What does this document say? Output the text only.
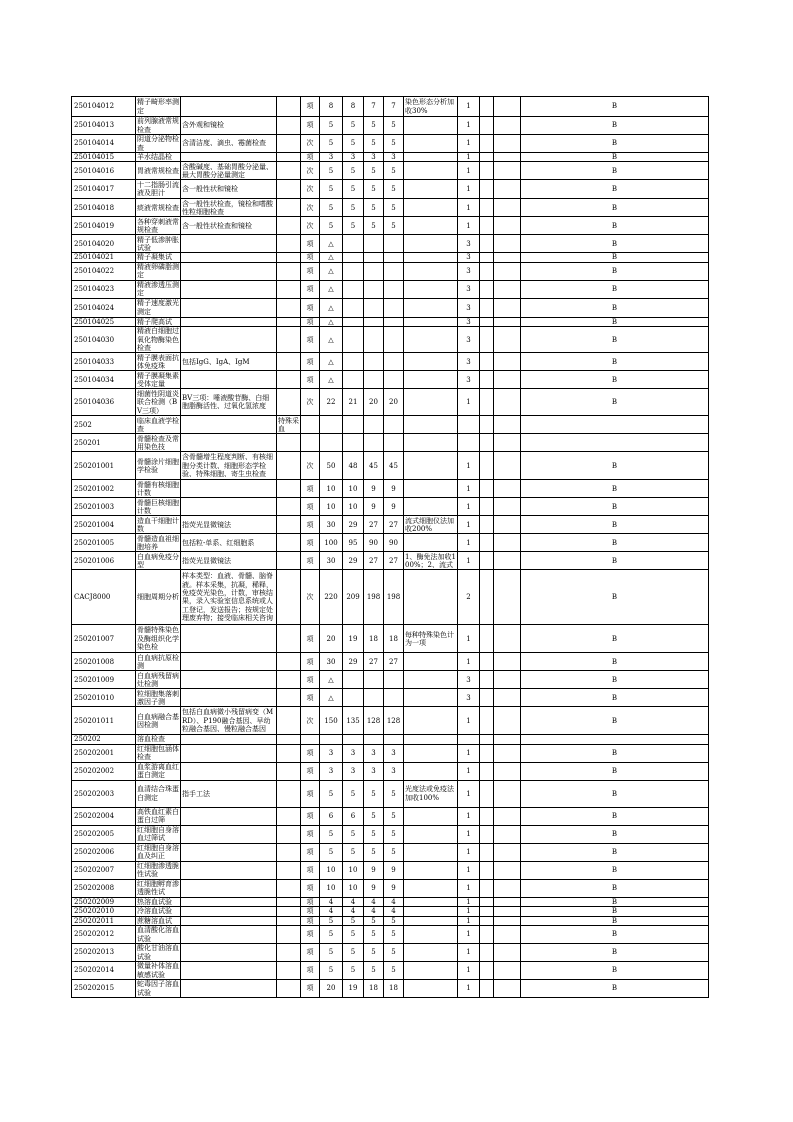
250104012	精子畸形率测定			项	8	8	7	7	染色形态分析加收30%	1			B
250104013	前列腺液常规检查	含外观和镜检		项	5	5	5	5		1			B
250104014	阴道分泌物检查	含清洁度、滴虫、霉菌检查		次	5	5	5	5		1			B
250104015	羊水结晶检			项	3	3	3	3		1			B
250104016	胃液常规检查	含酸碱度、基础胃酸分泌量、最大胃酸分泌量测定		次	5	5	5	5		1			B
250104017	十二指肠引流液及胆汁	含一般性状和镜检		次	5	5	5	5		1			B
250104018	痰液常规检查	含一般性状检查，镜检和嗜酸性粒细胞检查		次	5	5	5	5		1			B
250104019	各种穿刺液常规检查	含一般性状检查和镜检		次	5	5	5	5		1			B
250104020	精子低渗肿胀试验			项	△					3			B
250104021	精子凝集试			项	△					3			B
250104022	精液卵磷脂测定			项	△					3			B
250104023	精液渗透压测定			项	△					3			B
250104024	精子速度激光测定			项	△					3			B
250104025	精子爬高试			项	△					3			B
250104030	精液白细胞过氧化物酶染色检查			项	△					3			B
250104033	精子膜表面抗体免疫珠	包括IgG、IgA、IgM		项	△					3			B
250104034	精子膜凝集素受体定量			项	△					3			B
250104036	细菌性阴道炎联合检测（BV三项）	BV三项：唾液酸苷酶、白细胞脂酶活性、过氧化氢浓度		次	22	21	20	20		1			B
2502	临床血液学检查		特殊采血										
250201	骨髓检查及常用染色技												
250201001	骨髓涂片细胞学检验	含骨髓增生程度判断、有核细胞分类计数、细胞形态学检验、特殊细胞、寄生虫检查		次	50	48	45	45		1			B
250201002	骨髓有核细胞计数			项	10	10	9	9		1			B
250201003	骨髓巨核细胞计数			项	10	10	9	9		1			B
250201004	造血干细胞计数	指荧光显微镜法		项	30	29	27	27	流式细胞仪法加收200%	1			B
250201005	骨髓造血祖细胞培养	包括粒-单系、红细胞系		项	100	95	90	90		1			B
250201006	白血病免疫分型	指荧光显微镜法		项	30	29	27	27	1、酶免法加收100%；2、流式	1			B
CACJ8000	细胞周期分析	样本类型：血液、骨髓、脑脊液。样本采集，抗凝，稀释，免疫荧光染色，计数，审核结果，录入实验室信息系统或人工登记，发送报告；按规定处理废弃物；接受临床相关咨询		次	220	209	198	198		2			B
250201007	骨髓特殊染色及酶组织化学染色检			项	20	19	18	18	每种特殊染色计为一项	1			B
250201008	白血病抗原检测			项	30	29	27	27		1			B
250201009	白血病残留病灶检测			项	△					3			B
250201010	粒细胞集落刺激因子测			项	△					3			B
250201011	白血病融合基因检测	包括白血病微小残留病变（MRD）、P190融合基因、早幼粒融合基因、慢粒融合基因		次	150	135	128	128		1			B
250202	溶血检查												
250202001	红细胞包涵体检查			项	3	3	3	3		1			B
250202002	血浆游离血红蛋白测定			项	3	3	3	3		1			B
250202003	血清结合珠蛋白测定	指手工法		项	5	5	5	5	光度法或免疫法加收100%	1			B
250202004	高铁血红素白蛋白过筛			项	6	6	5	5		1			B
250202005	红细胞自身溶血过筛试			项	5	5	5	5		1			B
250202006	红细胞自身溶血及纠正			项	5	5	5	5		1			B
250202007	红细胞渗透脆性试验			项	10	10	9	9		1			B
250202008	红细胞孵育渗透脆性试			项	10	10	9	9		1			B
250202009	热溶血试验			项	4	4	4	4		1			B
250202010	冷溶血试验			项	4	4	4	4		1			B
250202011	蔗糖溶血试			项	5	5	5	5		1			B
250202012	血清酸化溶血试验			项	5	5	5	5		1			B
250202013	酸化甘油溶血试验			项	5	5	5	5		1			B
250202014	微量补体溶血敏感试验			项	5	5	5	5		1			B
250202015	蛇毒因子溶血试验			项	20	19	18	18		1			B
